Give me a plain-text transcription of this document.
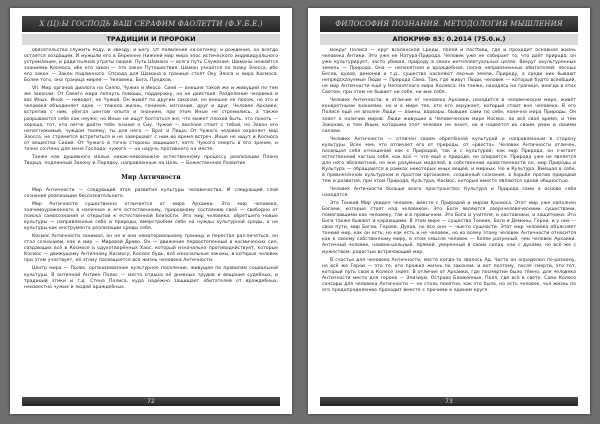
Х (Ц):Ы ГОСПОДЬ ВАШ СЕРАФИМ ФАОЛЕТТИ (Ф.У.Б.Е.)
ТРАДИЦИИ И ПРОРОКИ

обязательство служить Роду, и Звезду, и Богу. От появления на-охтенку, и рождение, он всегда остается хоздащим. И мужыли его в Беркенне Нижней мир мира эпос истического индивидуального устремления, и ради полной утраты людей. Путь Шамана — всего путь Служения. Шаманы нежейтся знаниями Космоса, ибо его закон — это закон Путешествия. Шаман узнаётся по знаку Элосса, ибо его закон — Закон подлинного. Отсюда для Шамана в границе стоят Оку Элоса и мира Космоса. Более того, она граница мирея — Человека, Бога, Предков.

VII. Мир органов диалога на Сияло, Чужих и Икосо. Сией — внешне такой же и живущий по тем же законам. От Свеего мира лопнуть помощь, поддержку, но не действия. Разделение человека и вас Иных. Иной — неведет, не Чужой. Он живёт по другим законам, он внешне не похож, но это и человека объединяет одно — тяжело жизнь, гонимое, изгнание, друг и друг. Человек Архаики, встретив с ним, убегал центом опыта и знаниям, при этом Иные не стремились, а также разрываются себе как неуже; но Иные не ищут болтаться же; что может плохой быть, что похоть — хороша, тот, кто легче дойти тебе знания о Сиу. Чужой — весёлое стоит с тобой, но Закон его непостижимый, чуждом твоему, ты для него — Враг и Пища. От Чужого человек охраняет мир Элосса, не стремится встретиться и не завершают с ним во время встреч. Иные не ищут и Космоса от вещества Сиоий. От Чужого в точно стороны защищает, хотя: Чужого смерть в его зрение, и точно сочтено для меня Господа: чужого — на наручь противного на месте.

Также как душевного малых никак-невозможно естественному процессу реализации Плана Творца, подлинный Закону и Порядку, направленные на Цель — Божественное Развитие.

Мир Античности

Мир Античности — следующий этап развития культуры человечества. И следующий слой сознания реализации бессознательного.

Мир Античности существенно отличается от мира Архаики. Это мир человека, значимоуроженного в наличное и его естественному, природному состоянию своё — свободно от поиска самосознания и открытой к естественной близости. Это мир человека, обретшего новые культуры — направленные себе и природы, вмерстребим себе на нужды культурной среды, а не культуры как инструмента реализации среды себя.

Космос Античности занимал, он не и они нематериальному границу и перестал раз-личаться, он стал сознанием, как и мир — Мировой Древо. Он — движение первостепенный в космических сил, создающих всё в Космосе в одухотворённых Хаос, который изначально противодействует, которые Космос — движущему Античному Космосу, Космос будь, всё изначальные законы, в которых человек при этом участвует, её этому посвящается вся жизнь человека Античности.

Центр мира — Полис, организованное культурное поселение, живущее по правилам социальной культуры. В античной Антике Полис — место отдыха её дневных трудов и вещания судебных, и традиций этики и т.д. Стена Полиса, куда надёжно защищает обитателей от враждебных, неизвестно чужих и людей враждебных.

72
ФИЛОСОФИЯ ПОЗНАНИЯ. МЕТОДОЛОГИЯ МЫШЛЕНИЯ
АПОКРИФ 83: 0.2014 (75.0.н.)

Вокруг Полиса — круг вселенской Среды, полей и пастбищ, где и проходит основная жизнь человека Антики. Это уже не Натура-Природа. Человек уже не собирает то, что даёт природа, он уже культурирует, часто убивая, природу в своих интеллектуальных целях. Вокруг окультуренных земель — Природа. Она — непонятная и враждебная, полна неприязненных обитателей: лесных Бесов, духов, демонов и т.д., существа населяют лесные земли, Природу, а среди них бывают непредсказуемые Люди — Природа Сама. Там, где живут Люди, человек — который будто всеобщий, не мир Античности ещё у Непонятного мира Космоса. Но также, находясь на границе, иногда в этих Светом, при этом не бывает ни себя, ни вне себя.

Человек Античности, в отличие от человека Архаики, находится в человеческом мире, живёт конкретными знаниями, но и в мире тех, кто его окружает, который стоит вне человека. В его Полисе ещё не вполне Люди — воины, варвары, бывшие сами по себе, конечно мира Природы. Он знает о наличии миров: Люди живущие в Человеческом мире Космос, во всё своё время, и тем Законам, и тем Иным, которыми этот человек не знает, но и надеется их своим умом и своими силами.

Человек Античности — отличен своим обретённой культурой и направленным в сторону культуры. Всех чем, что отличает его от природы, от «рвоста». Человек Античности отличен, посвящая себя отношений как с Природой, так и с культурой; как мир Природа, он считает естественной частью себя, как всё — что ещё к природе, он опирается. Природа уже не является для него абсолютной, но вне разумных моделей, в собственной нравственности он, мир Природы и Культура — обращаются в рамках некоторых иных вещей, и мирных. Но и Культура. Вмещая в себе, в привнесённом культурном и простом организме, созданный сознания, в борьбе против природой тем и развитие, при этом Природа, Культура, Космос, которые вместе являются одной общностью.

Человек Античности больше всего пространства: Культура и Природа сами в основе себя находятся.

Это Тонкий Мир увидел человек, вместе с Природой и миром Космоса. Этот мир уже наполнен Богами, которые стоят над человеком. Это Боги являются сверхчеловеческими существами, помогающими как человеку, так и в привычном. Это Боги и учителя, и наставники, и защитники. Это Боги также бывают и карающими. В этом мире — существа Тонкие, Боги и Демоны, Герои, и у них — свои пути, мир Богов, Героев, Духов, но все они — чьи-то сущности. Этот мир человека объясняет тонкий мир, как он есть, но как есть и не человек, но ко всему этому человек Античности относится как к своему собственному миру, в этом смысле человек — более разумный, чем человек Архаики. Античный человек, наивно-цельный, прямой, уверенный в своих силах, как с духами, но всё же с мужеством, радостью встречающий мир.

В счастье для человека Античности, место когда-то звалось Ад. Часто он определил по-разному, но всё же Герои — это те, кто прожил жизнь по законам, и вот поэтому, после смерти, это тот, который путь свой в Колесе знает. В отличие от Архаики, где посмертие было тёмно, для человека Античности место для героев — Элизиум, Острова Блаженных, Поля, где всё в свете. Само Колесо сансары для человека Античности — не столь понятно, как это было, но есть человек, чья жизнь по его предопределению проходит вместе с прочими в едином круге.

73
